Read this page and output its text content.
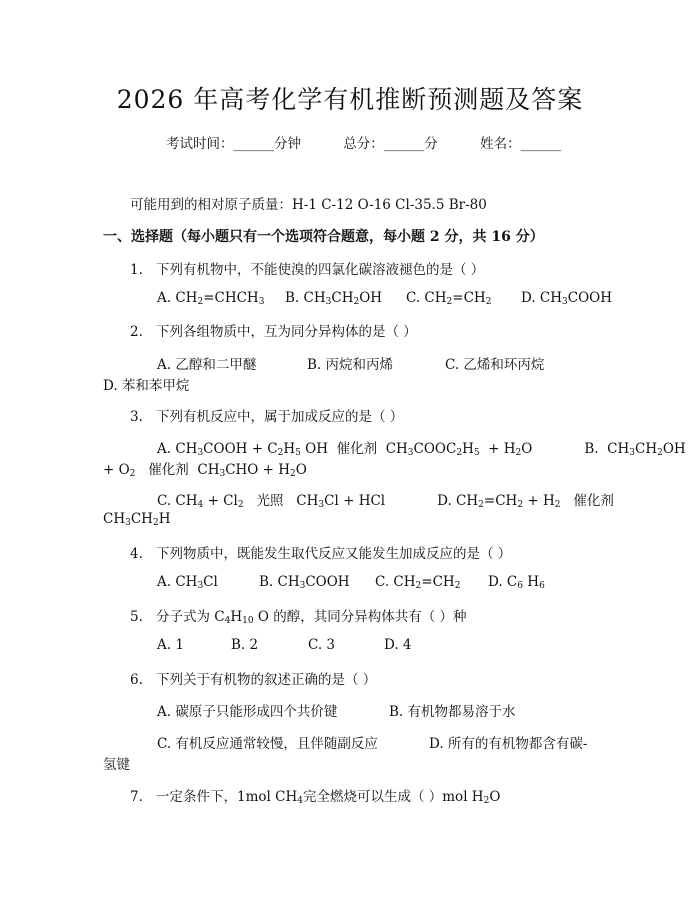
2026 年高考化学有机推断预测题及答案
考试时间：______分钟	总分：______分	姓名：______
可能用到的相对原子质量：H-1 C-12 O-16 Cl-35.5 Br-80
一、选择题（每小题只有一个选项符合题意，每小题 2 分，共 16 分）
1. 下列有机物中，不能使溴的四氯化碳溶液褪色的是（ ）
A. $CH_2=CHCH_3$ B. $CH_3CH_2OH$ C. $CH_2=CH_2$ D. $CH_3COOH$
2. 下列各组物质中，互为同分异构体的是（ ）
A. 乙醇和二甲醚	B. 丙烷和丙烯	C. 乙烯和环丙烷
D. 苯和苯甲烷
3. 下列有机反应中，属于加成反应的是（ ）
A. $CH_3COOH + C_2H_5$ OH  催化剂  $CH_3COOC_2H_5 + H_2O$	B.  $CH_3CH_2OH$
+ $O_2$ 催化剂  $CH_3CHO + H_2O$
C. $CH_4 + Cl_2$ 光照   $CH_3Cl$ + HCl	D. $CH_2=CH_2 + H_2$ 催化剂
$CH_3CH_2H$
4. 下列物质中，既能发生取代反应又能发生加成反应的是（ ）
A. $CH_3Cl$	B. $CH_3COOH$ C. $CH_2=CH_2$ D. $C_6$ $H_6$
5. 分子式为 $C_4H_{10}$ O 的醇，其同分异构体共有（ ）种
A. 1	B. 2	C. 3	D. 4
6. 下列关于有机物的叙述正确的是（ ）
A. 碳原子只能形成四个共价键	B. 有机物都易溶于水
C. 有机反应通常较慢，且伴随副反应	D. 所有的有机物都含有碳-
氢键
7. 一定条件下，1mol $CH_4$完全燃烧可以生成（ ）mol $H_2O$
